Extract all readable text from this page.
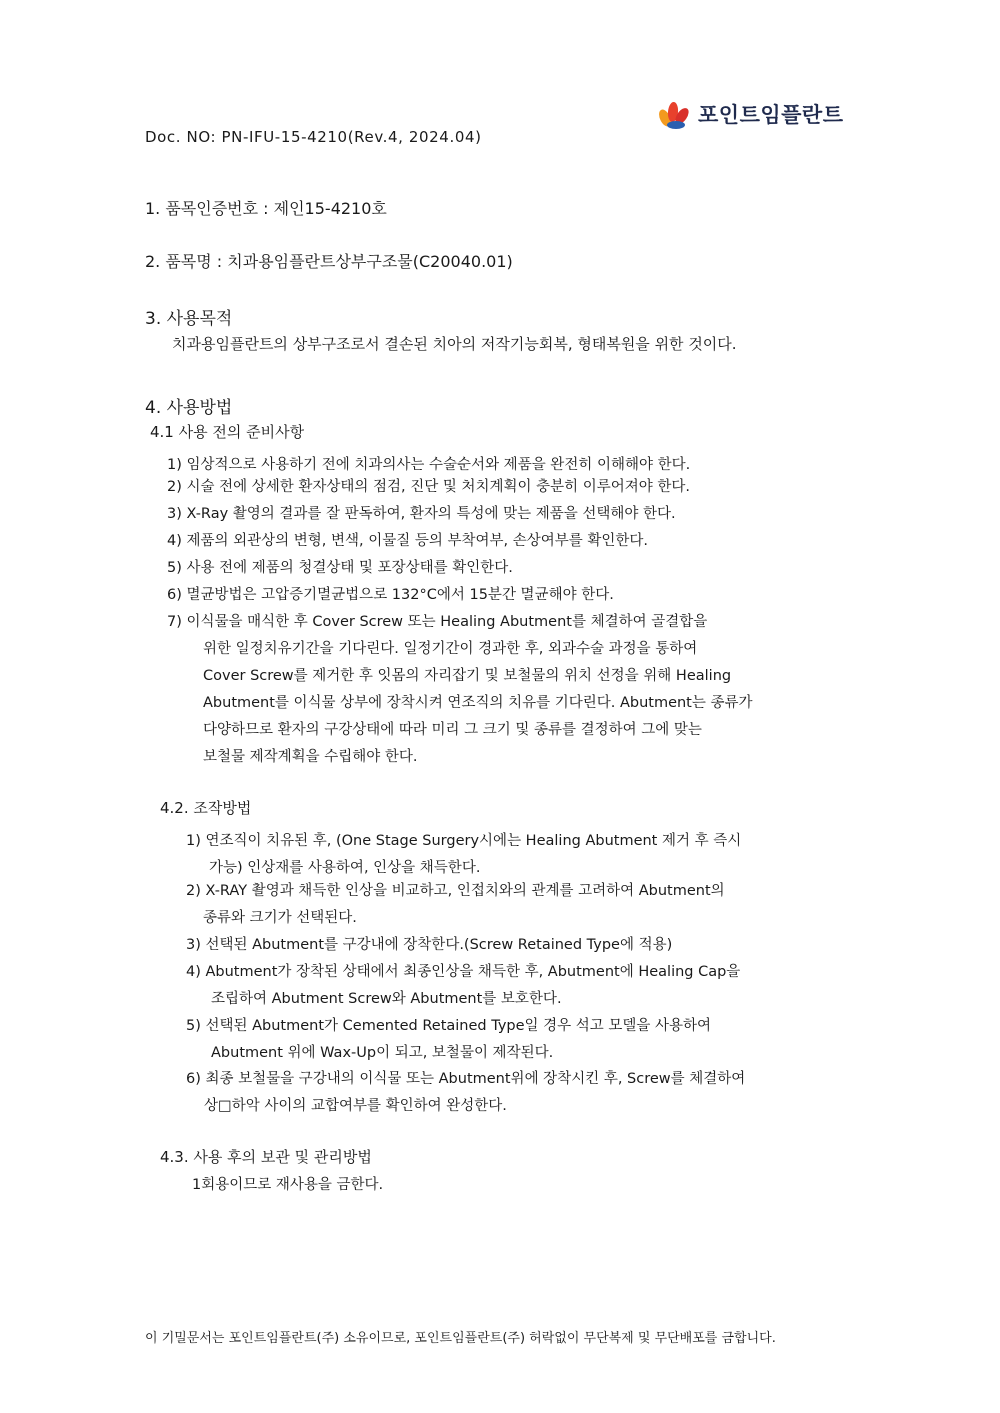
포인트임플란트
Doc. NO: PN-IFU-15-4210(Rev.4, 2024.04)
1. 품목인증번호 : 제인15-4210호
2. 품목명 : 치과용임플란트상부구조물(C20040.01)
3. 사용목적
치과용임플란트의 상부구조로서 결손된 치아의 저작기능회복, 형태복원을 위한 것이다.
4. 사용방법
4.1 사용 전의 준비사항
1) 임상적으로 사용하기 전에 치과의사는 수술순서와 제품을 완전히 이해해야 한다.
2) 시술 전에 상세한 환자상태의 점검, 진단 및 처치계획이 충분히 이루어져야 한다.
3) X-Ray 촬영의 결과를 잘 판독하여, 환자의 특성에 맞는 제품을 선택해야 한다.
4) 제품의 외관상의 변형, 변색, 이물질 등의 부착여부, 손상여부를 확인한다.
5) 사용 전에 제품의 청결상태 및 포장상태를 확인한다.
6) 멸균방법은 고압증기멸균법으로 132°C에서 15분간 멸균해야 한다.
7) 이식물을 매식한 후 Cover Screw 또는 Healing Abutment를 체결하여 골결합을
위한 일정치유기간을 기다린다. 일정기간이 경과한 후, 외과수술 과정을 통하여
Cover Screw를 제거한 후 잇몸의 자리잡기 및 보철물의 위치 선정을 위해 Healing
Abutment를 이식물 상부에 장착시켜 연조직의 치유를 기다린다. Abutment는 종류가
다양하므로 환자의 구강상태에 따라 미리 그 크기 및 종류를 결정하여 그에 맞는
보철물 제작계획을 수립해야 한다.
4.2. 조작방법
1) 연조직이 치유된 후, (One Stage Surgery시에는 Healing Abutment 제거 후 즉시
가능) 인상재를 사용하여, 인상을 채득한다.
2) X-RAY 촬영과 채득한 인상을 비교하고, 인접치와의 관계를 고려하여 Abutment의
종류와 크기가 선택된다.
3) 선택된 Abutment를 구강내에 장착한다.(Screw Retained Type에 적용)
4) Abutment가 장착된 상태에서 최종인상을 채득한 후, Abutment에 Healing Cap을
조립하여 Abutment Screw와 Abutment를 보호한다.
5) 선택된 Abutment가 Cemented Retained Type일 경우 석고 모델을 사용하여
Abutment 위에 Wax-Up이 되고, 보철물이 제작된다.
6) 최종 보철물을 구강내의 이식물 또는 Abutment위에 장착시킨 후, Screw를 체결하여
상□하악 사이의 교합여부를 확인하여 완성한다.
4.3. 사용 후의 보관 및 관리방법
1회용이므로 재사용을 금한다.
이 기밀문서는 포인트임플란트(주) 소유이므로, 포인트임플란트(주) 허락없이 무단복제 및 무단배포를 금합니다.
